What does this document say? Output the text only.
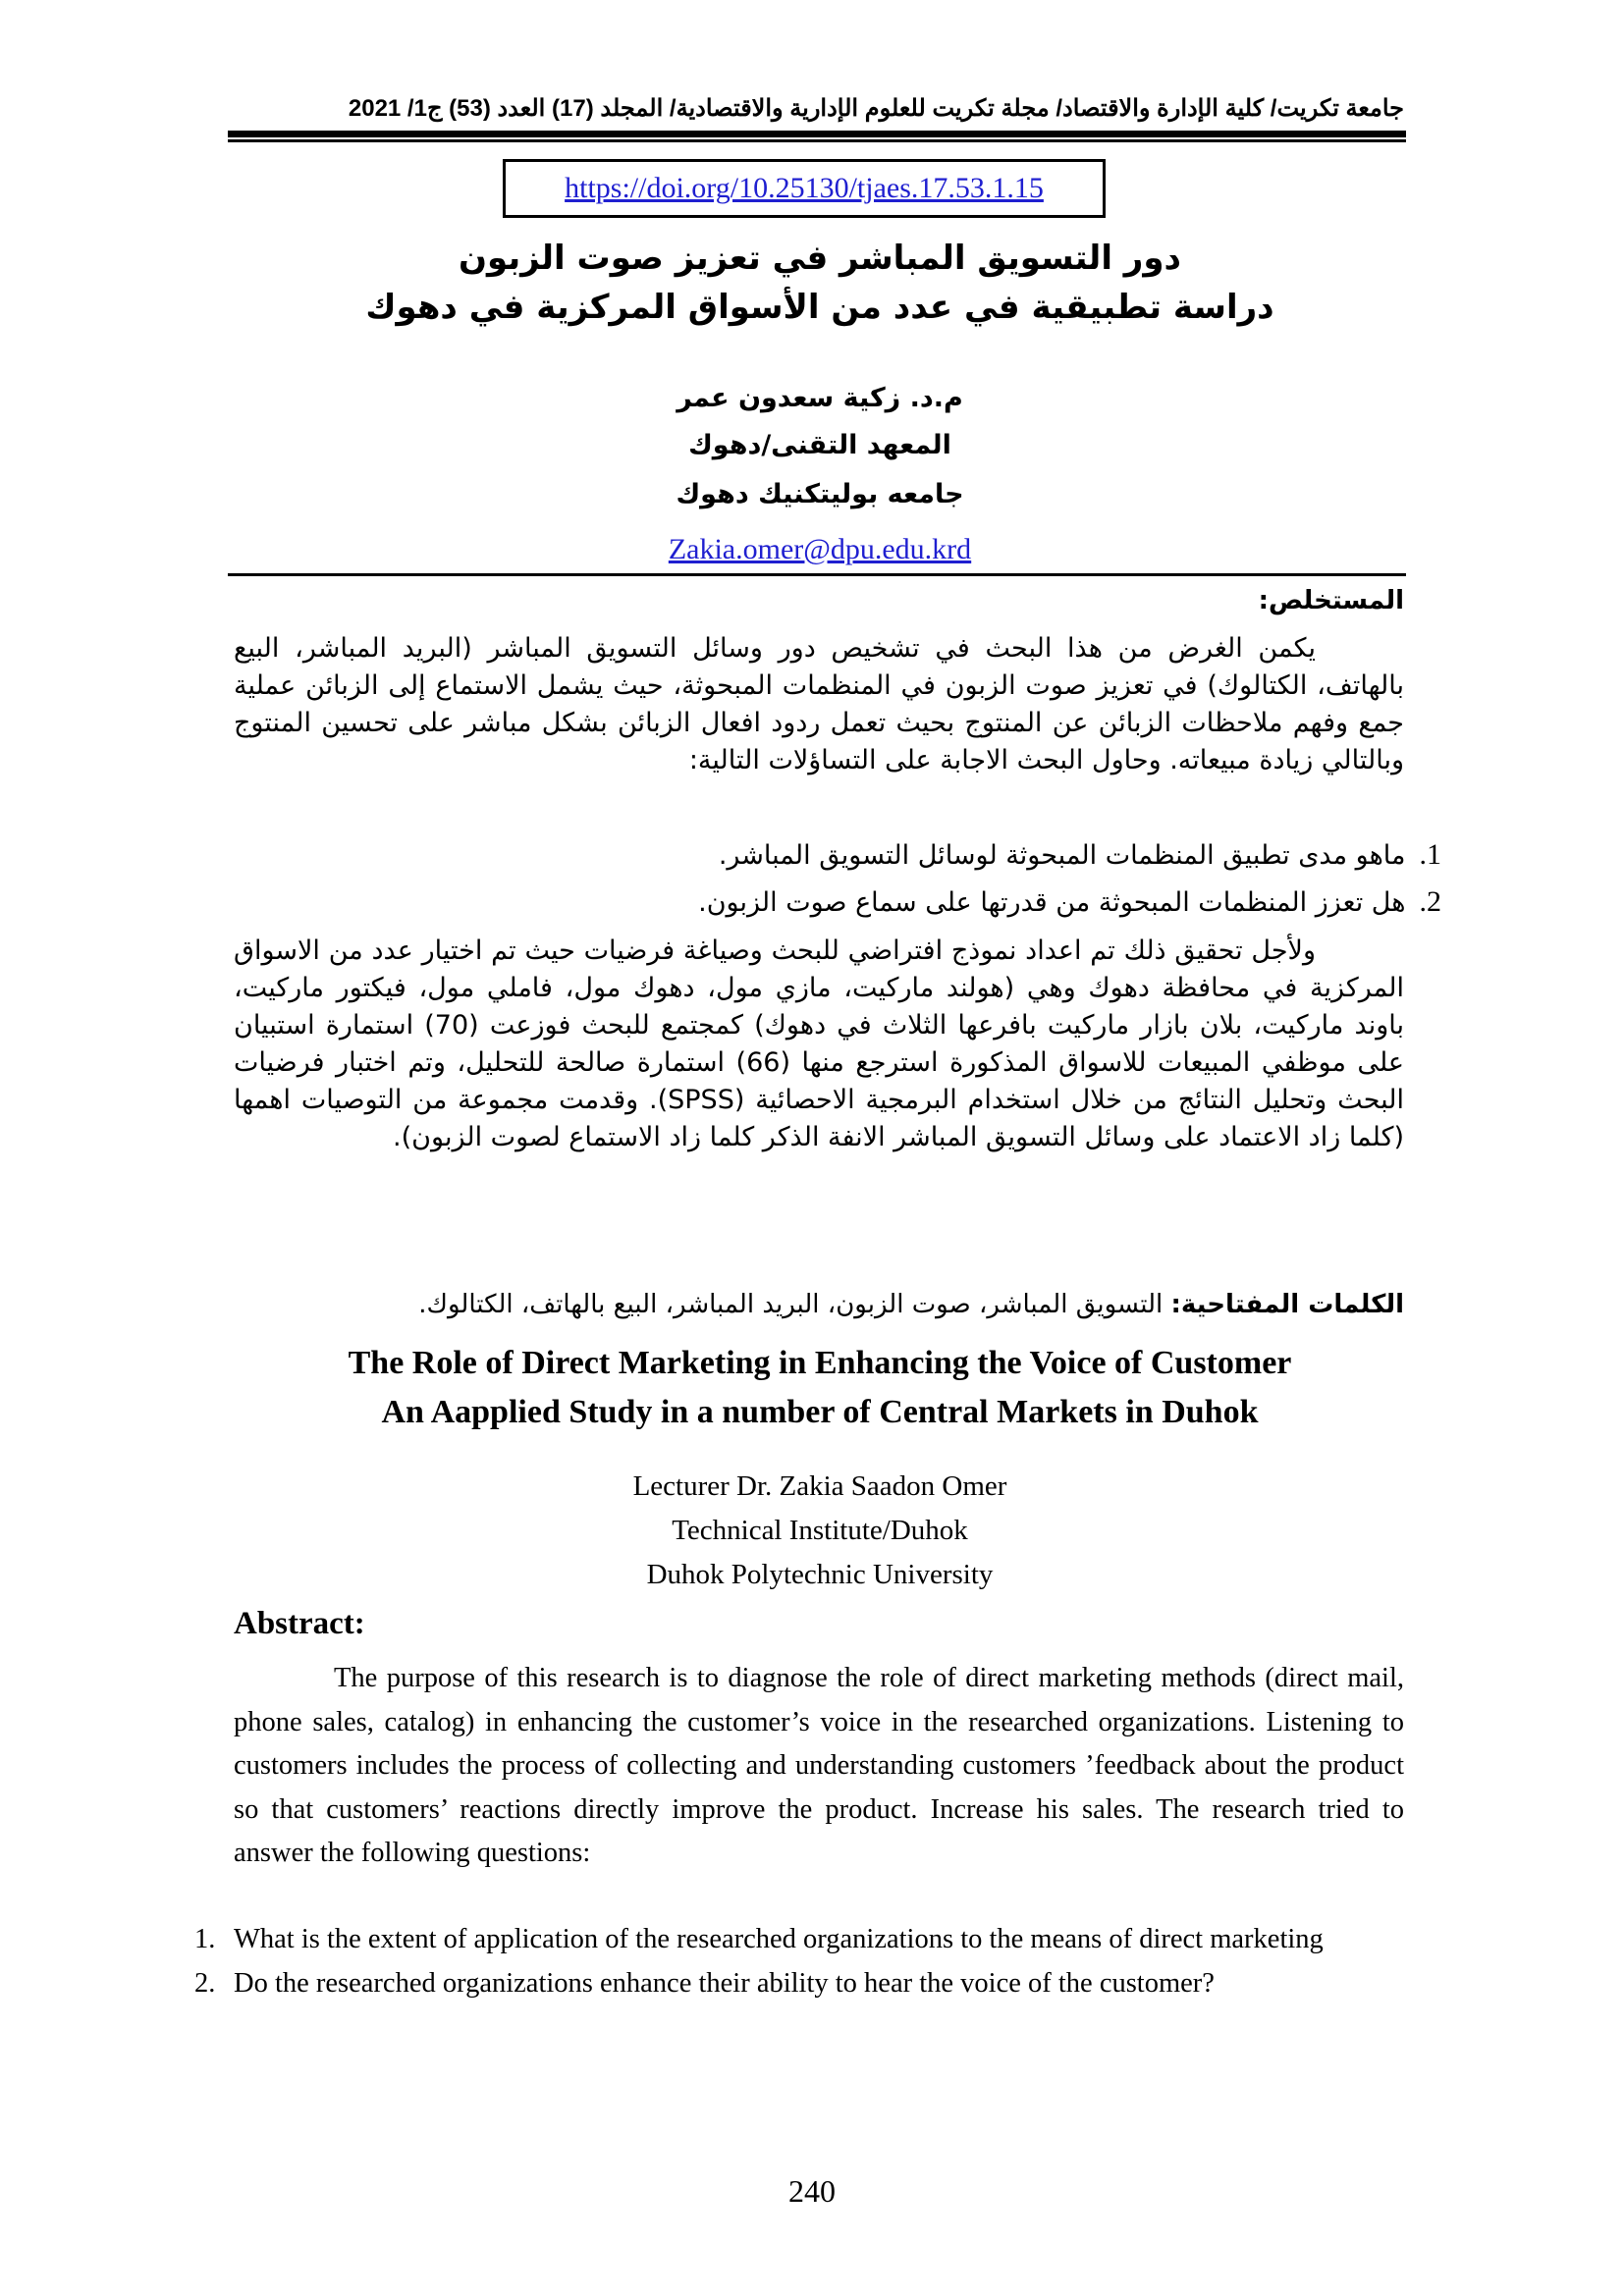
جامعة تكريت/ كلية الإدارة والاقتصاد/ مجلة تكريت للعلوم الإدارية والاقتصادية/ المجلد (17) العدد (53) ج1/ 2021
https://doi.org/10.25130/tjaes.17.53.1.15
دور التسويق المباشر في تعزيز صوت الزبون
دراسة تطبيقية في عدد من الأسواق المركزية في دهوك
م.د. زكية سعدون عمر
المعهد التقنى/دهوك
جامعه بوليتكنيك دهوك
Zakia.omer@dpu.edu.krd
المستخلص:
يكمن الغرض من هذا البحث في تشخيص دور وسائل التسويق المباشر (البريد المباشر، البيع بالهاتف، الكتالوك) في تعزيز صوت الزبون في المنظمات المبحوثة، حيث يشمل الاستماع إلى الزبائن عملية جمع وفهم ملاحظات الزبائن عن المنتوج بحيث تعمل ردود افعال الزبائن بشكل مباشر على تحسين المنتوج وبالتالي زيادة مبيعاته. وحاول البحث الاجابة على التساؤلات التالية:
1.ماهو مدى تطبيق المنظمات المبحوثة لوسائل التسويق المباشر.
2.هل تعزز المنظمات المبحوثة من قدرتها على سماع صوت الزبون.
ولأجل تحقيق ذلك تم اعداد نموذج افتراضي للبحث وصياغة فرضيات حيث تم اختيار عدد من الاسواق المركزية في محافظة دهوك وهي (هولند ماركيت، مازي مول، دهوك مول، فاملي مول، فيكتور ماركيت، باوند ماركيت، بلان بازار ماركيت بافرعها الثلاث في دهوك) كمجتمع للبحث فوزعت (70) استمارة استبيان على موظفي المبيعات للاسواق المذكورة استرجع منها (66) استمارة صالحة للتحليل، وتم اختبار فرضيات البحث وتحليل النتائج من خلال استخدام البرمجية الاحصائية (SPSS). وقدمت مجموعة من التوصيات اهمها (كلما زاد الاعتماد على وسائل التسويق المباشر الانفة الذكر كلما زاد الاستماع لصوت الزبون).
الكلمات المفتاحية: التسويق المباشر، صوت الزبون، البريد المباشر، البيع بالهاتف، الكتالوك.
The Role of Direct Marketing in Enhancing the Voice of Customer
An Aapplied Study in a number of Central Markets in Duhok
Lecturer Dr. Zakia Saadon Omer
Technical Institute/Duhok
Duhok Polytechnic University
Abstract:
The purpose of this research is to diagnose the role of direct marketing methods (direct mail, phone sales, catalog) in enhancing the customer’s voice in the researched organizations. Listening to customers includes the process of collecting and understanding customers ’feedback about the product so that customers’ reactions directly improve the product. Increase his sales. The research tried to answer the following questions:
1. What is the extent of application of the researched organizations to the means of direct marketing
2. Do the researched organizations enhance their ability to hear the voice of the customer?
240
